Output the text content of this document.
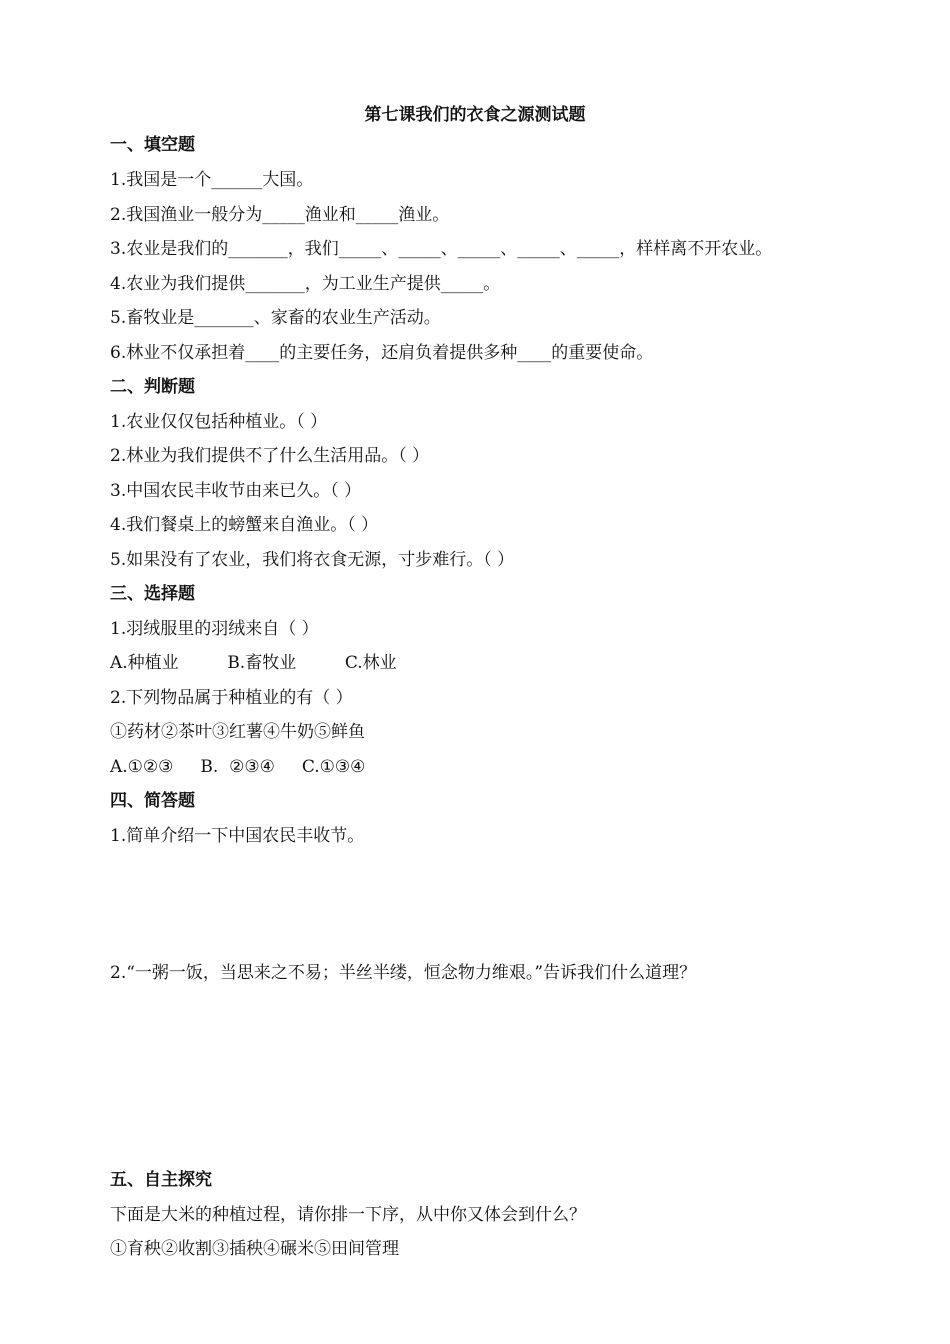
第七课我们的衣食之源测试题
一、填空题
1.我国是一个______大国。
2.我国渔业一般分为_____渔业和_____渔业。
3.农业是我们的_______，我们_____、_____、_____、_____、_____，样样离不开农业。
4.农业为我们提供_______，为工业生产提供_____。
5.畜牧业是_______、家畜的农业生产活动。
6.林业不仅承担着____的主要任务，还肩负着提供多种____的重要使命。
二、判断题
1.农业仅仅包括种植业。（ ）
2.林业为我们提供不了什么生活用品。（ ）
3.中国农民丰收节由来已久。（ ）
4.我们餐桌上的螃蟹来自渔业。（ ）
5.如果没有了农业，我们将衣食无源，寸步难行。（ ）
三、选择题
1.羽绒服里的羽绒来自（ ）
A.种植业         B.畜牧业         C.林业
2.下列物品属于种植业的有（ ）
①药材②茶叶③红薯④牛奶⑤鲜鱼
A.①②③     B.  ②③④     C.①③④
四、简答题
1.简单介绍一下中国农民丰收节。
2.“一粥一饭，当思来之不易；半丝半缕，恒念物力维艰。”告诉我们什么道理？
五、自主探究
下面是大米的种植过程，请你排一下序，从中你又体会到什么？
①育秧②收割③插秧④碾米⑤田间管理
